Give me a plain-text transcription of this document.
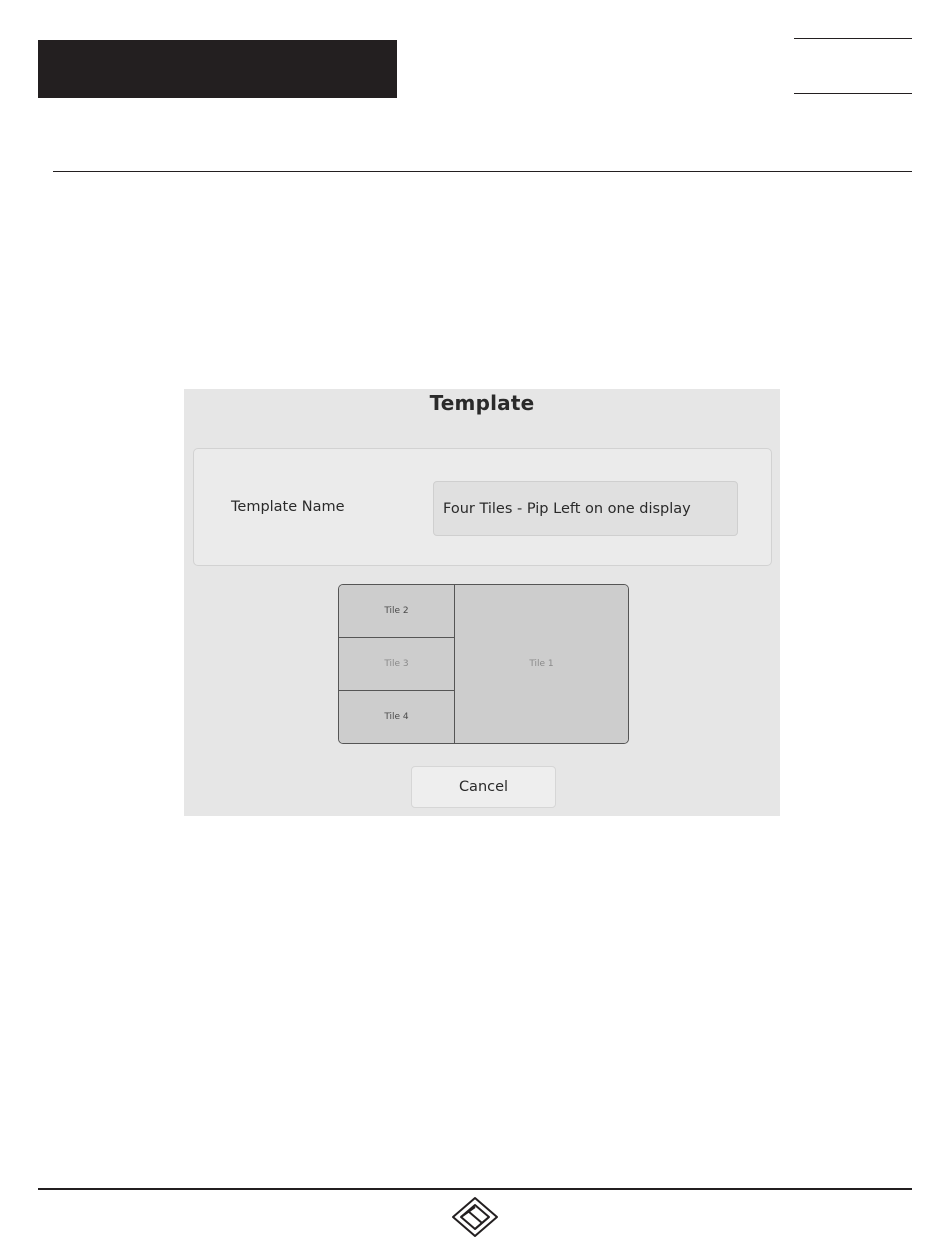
Template
Template Name
Four Tiles - Pip Left on one display
Tile 2
Tile 3
Tile 4
Tile 1
Cancel
